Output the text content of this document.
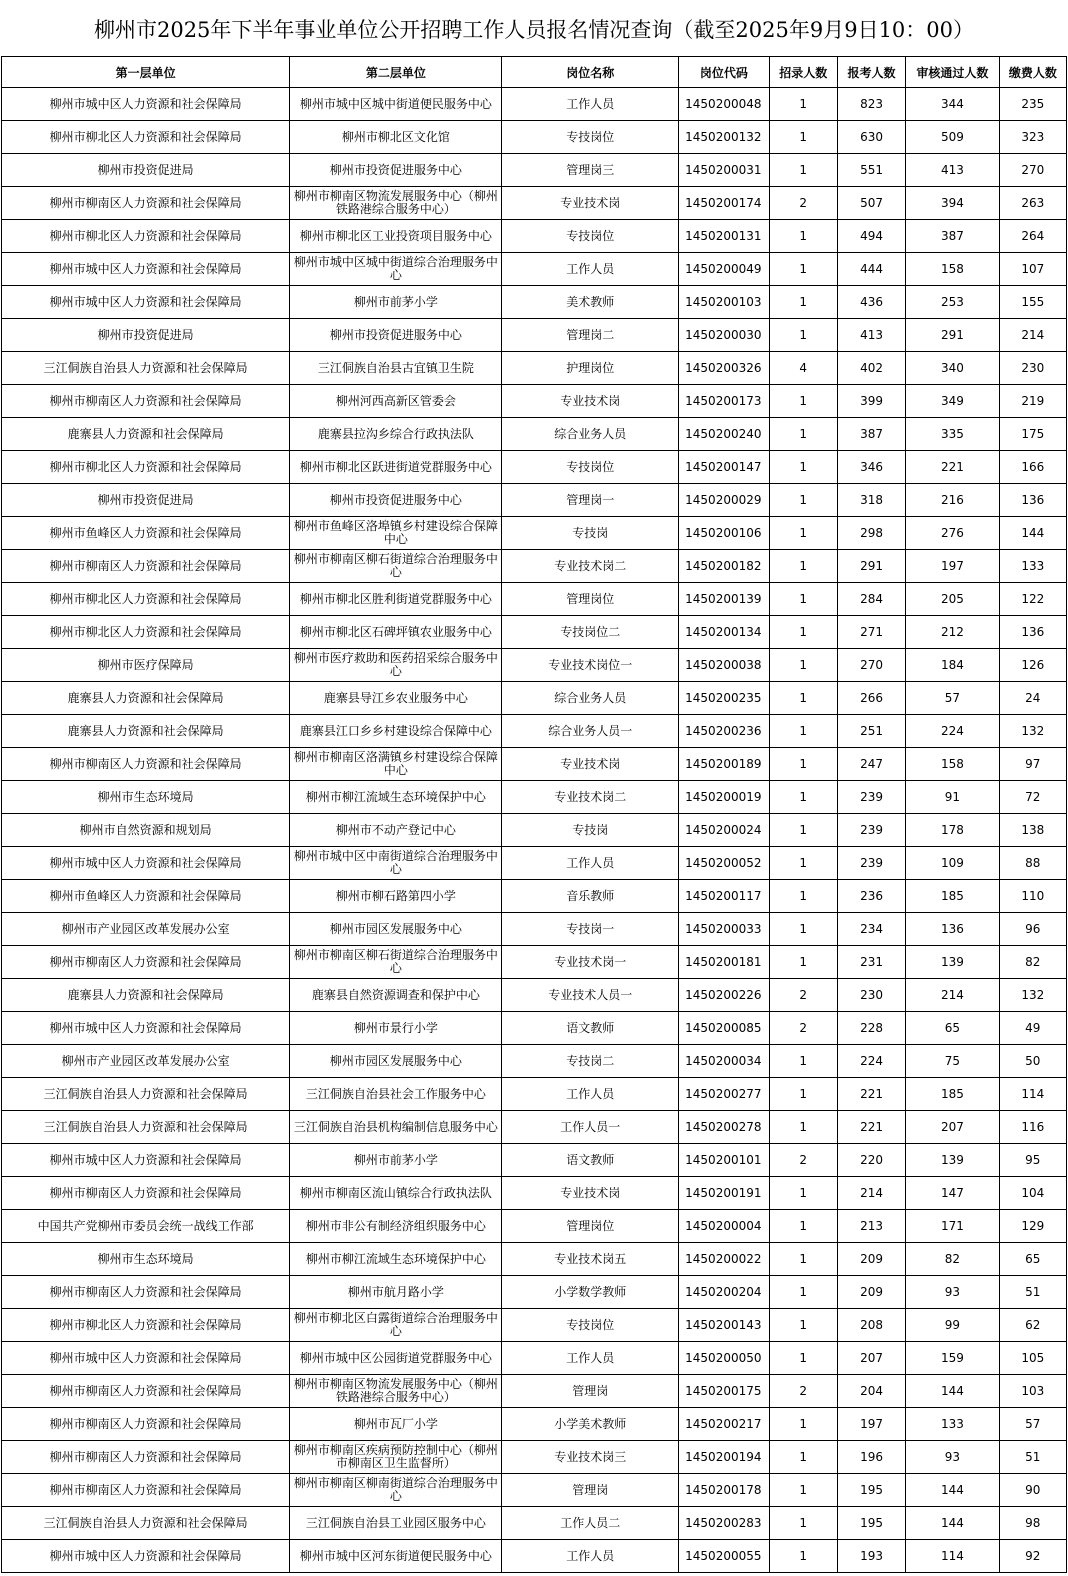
柳州市2025年下半年事业单位公开招聘工作人员报名情况查询（截至2025年9月9日10：00）
第一层单位	第二层单位	岗位名称	岗位代码	招录人数	报考人数	审核通过人数	缴费人数
柳州市城中区人力资源和社会保障局	柳州市城中区城中街道便民服务中心	工作人员	1450200048	1	823	344	235
柳州市柳北区人力资源和社会保障局	柳州市柳北区文化馆	专技岗位	1450200132	1	630	509	323
柳州市投资促进局	柳州市投资促进服务中心	管理岗三	1450200031	1	551	413	270
柳州市柳南区人力资源和社会保障局	柳州市柳南区物流发展服务中心（柳州铁路港综合服务中心）	专业技术岗	1450200174	2	507	394	263
柳州市柳北区人力资源和社会保障局	柳州市柳北区工业投资项目服务中心	专技岗位	1450200131	1	494	387	264
柳州市城中区人力资源和社会保障局	柳州市城中区城中街道综合治理服务中心	工作人员	1450200049	1	444	158	107
柳州市城中区人力资源和社会保障局	柳州市前茅小学	美术教师	1450200103	1	436	253	155
柳州市投资促进局	柳州市投资促进服务中心	管理岗二	1450200030	1	413	291	214
三江侗族自治县人力资源和社会保障局	三江侗族自治县古宜镇卫生院	护理岗位	1450200326	4	402	340	230
柳州市柳南区人力资源和社会保障局	柳州河西高新区管委会	专业技术岗	1450200173	1	399	349	219
鹿寨县人力资源和社会保障局	鹿寨县拉沟乡综合行政执法队	综合业务人员	1450200240	1	387	335	175
柳州市柳北区人力资源和社会保障局	柳州市柳北区跃进街道党群服务中心	专技岗位	1450200147	1	346	221	166
柳州市投资促进局	柳州市投资促进服务中心	管理岗一	1450200029	1	318	216	136
柳州市鱼峰区人力资源和社会保障局	柳州市鱼峰区洛埠镇乡村建设综合保障中心	专技岗	1450200106	1	298	276	144
柳州市柳南区人力资源和社会保障局	柳州市柳南区柳石街道综合治理服务中心	专业技术岗二	1450200182	1	291	197	133
柳州市柳北区人力资源和社会保障局	柳州市柳北区胜利街道党群服务中心	管理岗位	1450200139	1	284	205	122
柳州市柳北区人力资源和社会保障局	柳州市柳北区石碑坪镇农业服务中心	专技岗位二	1450200134	1	271	212	136
柳州市医疗保障局	柳州市医疗救助和医药招采综合服务中心	专业技术岗位一	1450200038	1	270	184	126
鹿寨县人力资源和社会保障局	鹿寨县导江乡农业服务中心	综合业务人员	1450200235	1	266	57	24
鹿寨县人力资源和社会保障局	鹿寨县江口乡乡村建设综合保障中心	综合业务人员一	1450200236	1	251	224	132
柳州市柳南区人力资源和社会保障局	柳州市柳南区洛满镇乡村建设综合保障中心	专业技术岗	1450200189	1	247	158	97
柳州市生态环境局	柳州市柳江流域生态环境保护中心	专业技术岗二	1450200019	1	239	91	72
柳州市自然资源和规划局	柳州市不动产登记中心	专技岗	1450200024	1	239	178	138
柳州市城中区人力资源和社会保障局	柳州市城中区中南街道综合治理服务中心	工作人员	1450200052	1	239	109	88
柳州市鱼峰区人力资源和社会保障局	柳州市柳石路第四小学	音乐教师	1450200117	1	236	185	110
柳州市产业园区改革发展办公室	柳州市园区发展服务中心	专技岗一	1450200033	1	234	136	96
柳州市柳南区人力资源和社会保障局	柳州市柳南区柳石街道综合治理服务中心	专业技术岗一	1450200181	1	231	139	82
鹿寨县人力资源和社会保障局	鹿寨县自然资源调查和保护中心	专业技术人员一	1450200226	2	230	214	132
柳州市城中区人力资源和社会保障局	柳州市景行小学	语文教师	1450200085	2	228	65	49
柳州市产业园区改革发展办公室	柳州市园区发展服务中心	专技岗二	1450200034	1	224	75	50
三江侗族自治县人力资源和社会保障局	三江侗族自治县社会工作服务中心	工作人员	1450200277	1	221	185	114
三江侗族自治县人力资源和社会保障局	三江侗族自治县机构编制信息服务中心	工作人员一	1450200278	1	221	207	116
柳州市城中区人力资源和社会保障局	柳州市前茅小学	语文教师	1450200101	2	220	139	95
柳州市柳南区人力资源和社会保障局	柳州市柳南区流山镇综合行政执法队	专业技术岗	1450200191	1	214	147	104
中国共产党柳州市委员会统一战线工作部	柳州市非公有制经济组织服务中心	管理岗位	1450200004	1	213	171	129
柳州市生态环境局	柳州市柳江流域生态环境保护中心	专业技术岗五	1450200022	1	209	82	65
柳州市柳南区人力资源和社会保障局	柳州市航月路小学	小学数学教师	1450200204	1	209	93	51
柳州市柳北区人力资源和社会保障局	柳州市柳北区白露街道综合治理服务中心	专技岗位	1450200143	1	208	99	62
柳州市城中区人力资源和社会保障局	柳州市城中区公园街道党群服务中心	工作人员	1450200050	1	207	159	105
柳州市柳南区人力资源和社会保障局	柳州市柳南区物流发展服务中心（柳州铁路港综合服务中心）	管理岗	1450200175	2	204	144	103
柳州市柳南区人力资源和社会保障局	柳州市瓦厂小学	小学美术教师	1450200217	1	197	133	57
柳州市柳南区人力资源和社会保障局	柳州市柳南区疾病预防控制中心（柳州市柳南区卫生监督所）	专业技术岗三	1450200194	1	196	93	51
柳州市柳南区人力资源和社会保障局	柳州市柳南区柳南街道综合治理服务中心	管理岗	1450200178	1	195	144	90
三江侗族自治县人力资源和社会保障局	三江侗族自治县工业园区服务中心	工作人员二	1450200283	1	195	144	98
柳州市城中区人力资源和社会保障局	柳州市城中区河东街道便民服务中心	工作人员	1450200055	1	193	114	92
